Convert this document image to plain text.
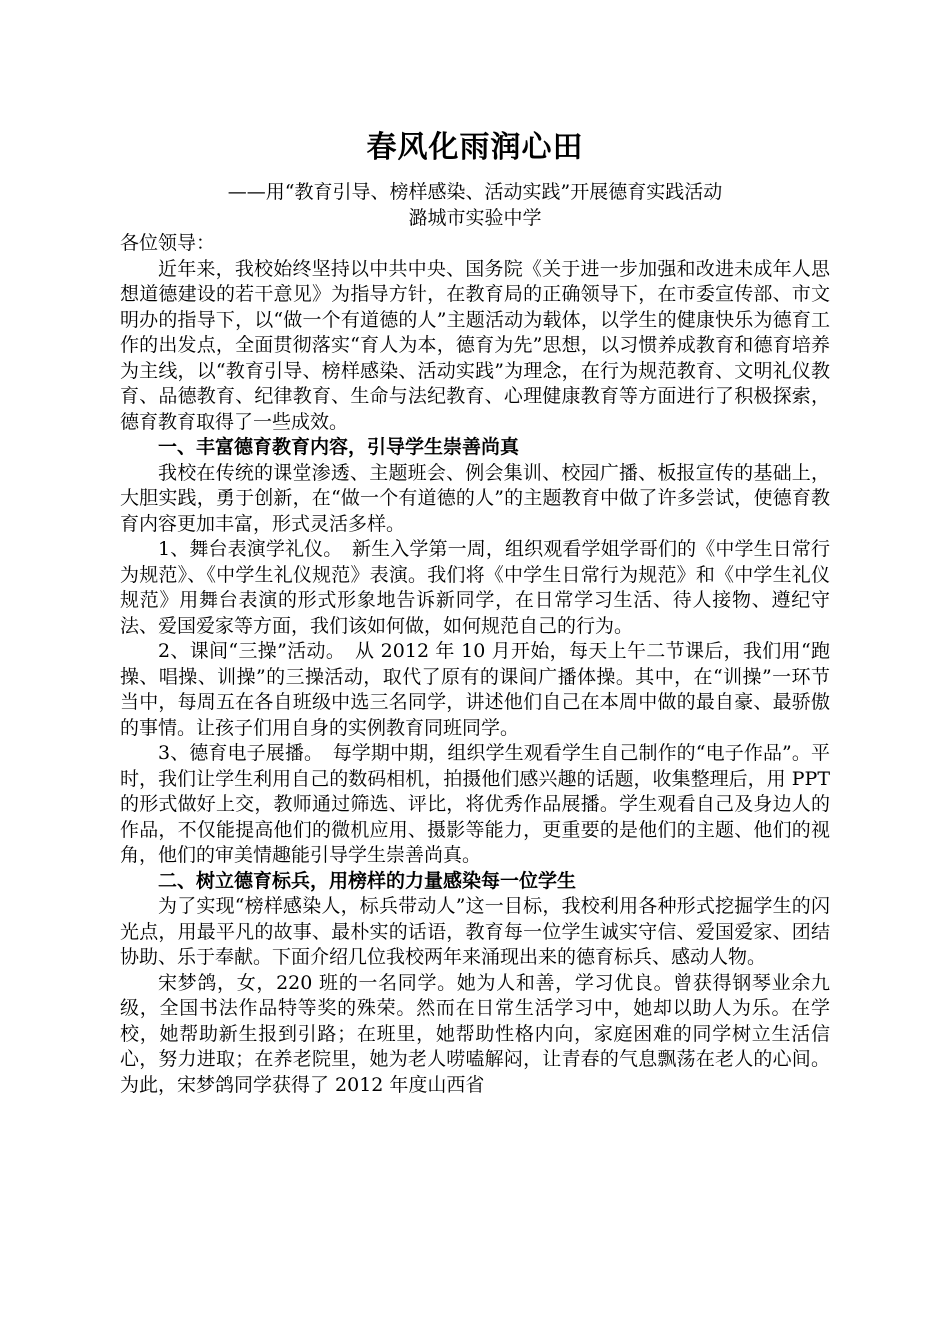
春风化雨润心田
——用“教育引导、榜样感染、活动实践”开展德育实践活动
潞城市实验中学
各位领导：

近年来，我校始终坚持以中共中央、国务院《关于进一步加强和改进未成年人思想道德建设的若干意见》为指导方针，在教育局的正确领导下，在市委宣传部、市文明办的指导下，以“做一个有道德的人”主题活动为载体，以学生的健康快乐为德育工作的出发点，全面贯彻落实“育人为本，德育为先”思想，以习惯养成教育和德育培养为主线，以“教育引导、榜样感染、活动实践”为理念，在行为规范教育、文明礼仪教育、品德教育、纪律教育、生命与法纪教育、心理健康教育等方面进行了积极探索，德育教育取得了一些成效。

一、丰富德育教育内容，引导学生崇善尚真

我校在传统的课堂渗透、主题班会、例会集训、校园广播、板报宣传的基础上，大胆实践，勇于创新，在“做一个有道德的人”的主题教育中做了许多尝试，使德育教育内容更加丰富，形式灵活多样。

1、舞台表演学礼仪。　新生入学第一周，组织观看学姐学哥们的《中学生日常行为规范》、《中学生礼仪规范》表演。我们将《中学生日常行为规范》和《中学生礼仪规范》用舞台表演的形式形象地告诉新同学，在日常学习生活、待人接物、遵纪守法、爱国爱家等方面，我们该如何做，如何规范自己的行为。

2、课间“三操”活动。　从 2012 年 10 月开始，每天上午二节课后，我们用“跑操、唱操、训操”的三操活动，取代了原有的课间广播体操。其中，在“训操”一环节当中，每周五在各自班级中选三名同学，讲述他们自己在本周中做的最自豪、最骄傲的事情。让孩子们用自身的实例教育同班同学。

3、德育电子展播。　每学期中期，组织学生观看学生自己制作的“电子作品”。平时，我们让学生利用自己的数码相机，拍摄他们感兴趣的话题，收集整理后，用 PPT 的形式做好上交，教师通过筛选、评比，将优秀作品展播。学生观看自己及身边人的作品，不仅能提高他们的微机应用、摄影等能力，更重要的是他们的主题、他们的视角，他们的审美情趣能引导学生崇善尚真。

二、树立德育标兵，用榜样的力量感染每一位学生

为了实现“榜样感染人，标兵带动人”这一目标，我校利用各种形式挖掘学生的闪光点，用最平凡的故事、最朴实的话语，教育每一位学生诚实守信、爱国爱家、团结协助、乐于奉献。下面介绍几位我校两年来涌现出来的德育标兵、感动人物。

宋梦鸽，女，220 班的一名同学。她为人和善，学习优良。曾获得钢琴业余九级，全国书法作品特等奖的殊荣。然而在日常生活学习中，她却以助人为乐。在学校，她帮助新生报到引路；在班里，她帮助性格内向，家庭困难的同学树立生活信心，努力进取；在养老院里，她为老人唠嗑解闷，让青春的气息飘荡在老人的心间。为此，宋梦鸽同学获得了 2012 年度山西省
